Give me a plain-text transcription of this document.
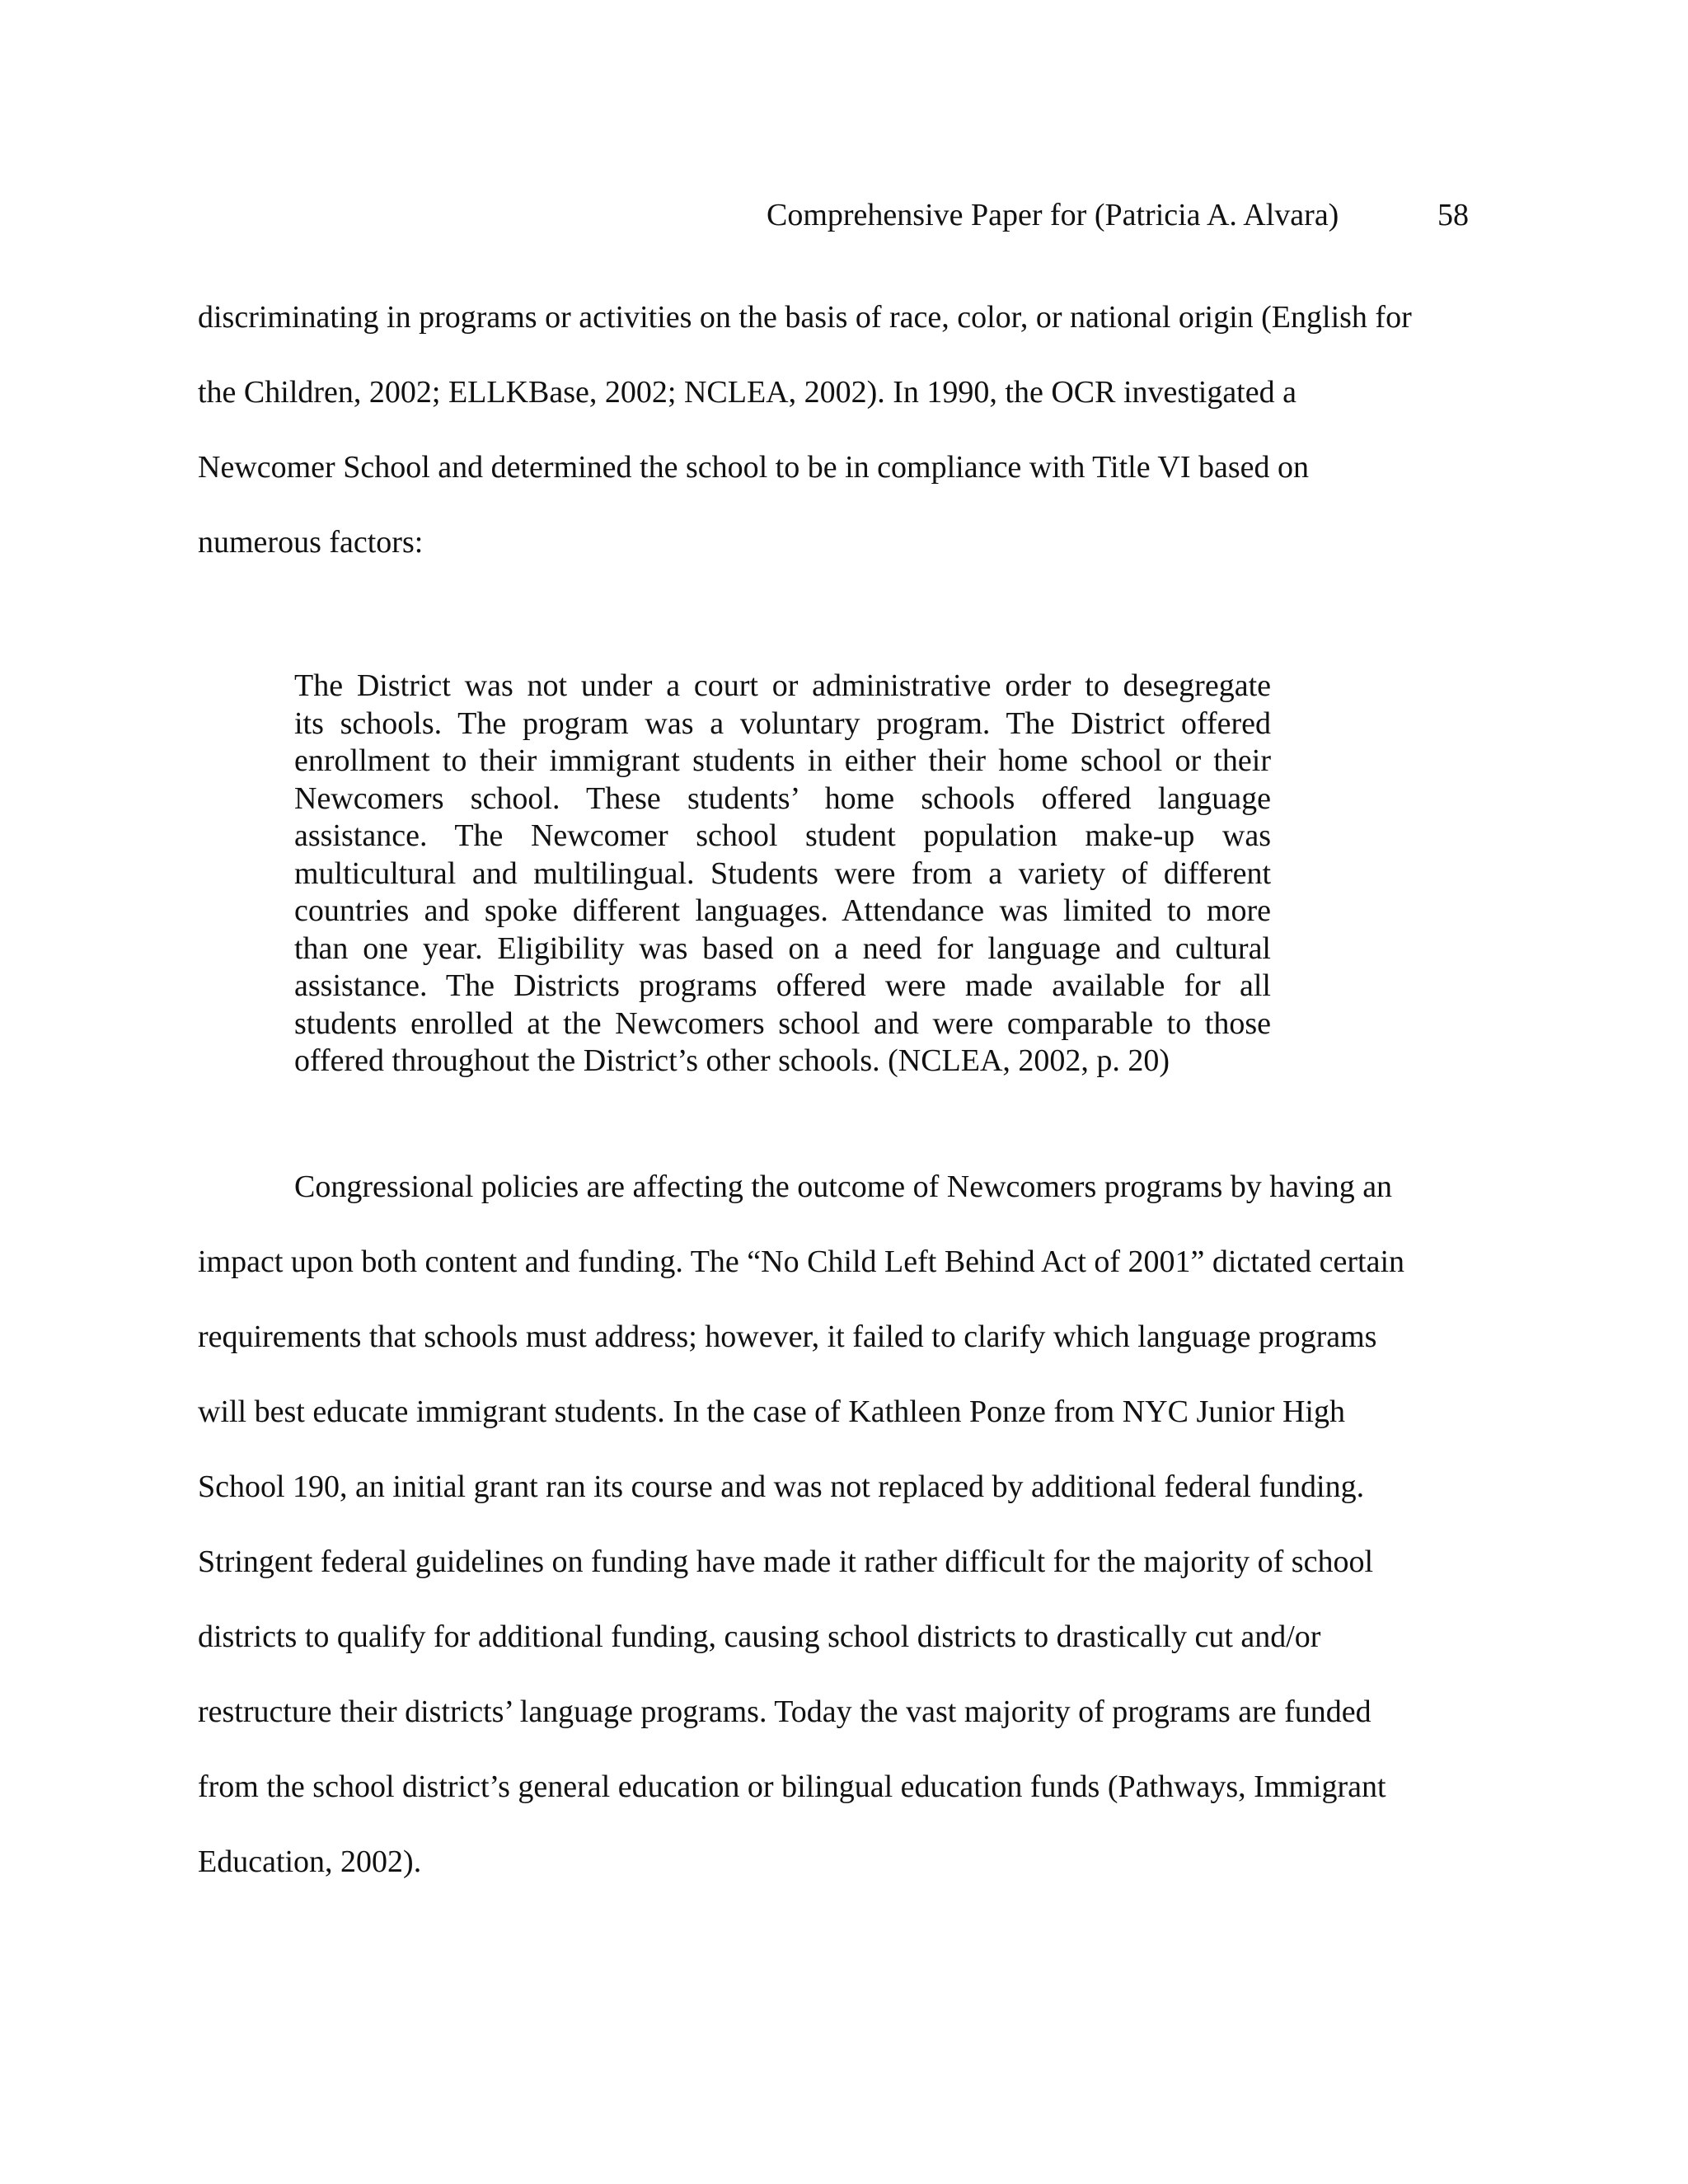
Comprehensive Paper for (Patricia A. Alvara)	58
discriminating in programs or activities on the basis of race, color, or national origin (English for
the Children, 2002; ELLKBase, 2002; NCLEA, 2002). In 1990, the OCR investigated a
Newcomer School and determined the school to be in compliance with Title VI based on
numerous factors:
The District was not under a court or administrative order to desegregate
its schools. The program was a voluntary program. The District offered
enrollment to their immigrant students in either their home school or their
Newcomers school. These students’ home schools offered language
assistance. The Newcomer school student population make-up was
multicultural and multilingual. Students were from a variety of different
countries and spoke different languages. Attendance was limited to more
than one year. Eligibility was based on a need for language and cultural
assistance. The Districts programs offered were made available for all
students enrolled at the Newcomers school and were comparable to those
offered throughout the District’s other schools. (NCLEA, 2002, p. 20)
Congressional policies are affecting the outcome of Newcomers programs by having an
impact upon both content and funding. The “No Child Left Behind Act of 2001” dictated certain
requirements that schools must address; however, it failed to clarify which language programs
will best educate immigrant students. In the case of Kathleen Ponze from NYC Junior High
School 190, an initial grant ran its course and was not replaced by additional federal funding.
Stringent federal guidelines on funding have made it rather difficult for the majority of school
districts to qualify for additional funding, causing school districts to drastically cut and/or
restructure their districts’ language programs. Today the vast majority of programs are funded
from the school district’s general education or bilingual education funds (Pathways, Immigrant
Education, 2002).
